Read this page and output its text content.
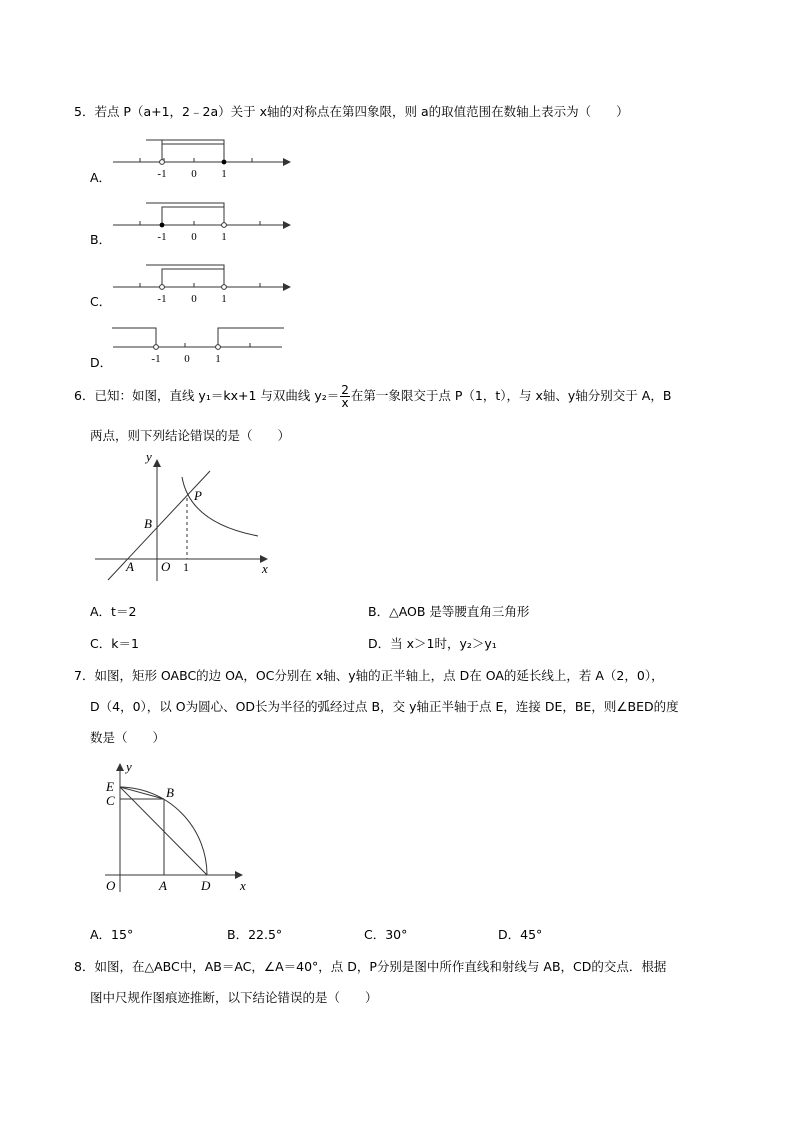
5．若点 P（a+1，2﹣2a）关于 x轴的对称点在第四象限，则 a的取值范围在数轴上表示为（　　）
A．	-1 0 1
B．	-1 0 1
C．	-1 0 1
D．	-1 0 1
6．已知：如图，直线 y₁＝kx+1 与双曲线 $y_2= \frac{2}{x}$ 在第一象限交于点 P（1，t），与 x轴、y轴分别交于 A，B
两点，则下列结论错误的是（　　）
y
x
B
P
A O 1
A．t＝2	B．△AOB 是等腰直角三角形
C．k＝1	D．当 x＞1时，y₂＞y₁
7．如图，矩形 OABC的边 OA，OC分别在 x轴、y轴的正半轴上，点 D在 OA的延长线上，若 A（2，0），
D（4，0），以 O为圆心、OD长为半径的弧经过点 B，交 y轴正半轴于点 E，连接 DE，BE，则∠BED的度
数是（　　）
y
x
E
C
B
O	A	D
A．15°	B．22.5°	C．30°	D．45°
8．如图，在△ABC中，AB＝AC，∠A＝40°，点 D，P分别是图中所作直线和射线与 AB，CD的交点．根据
图中尺规作图痕迹推断，以下结论错误的是（　　）
